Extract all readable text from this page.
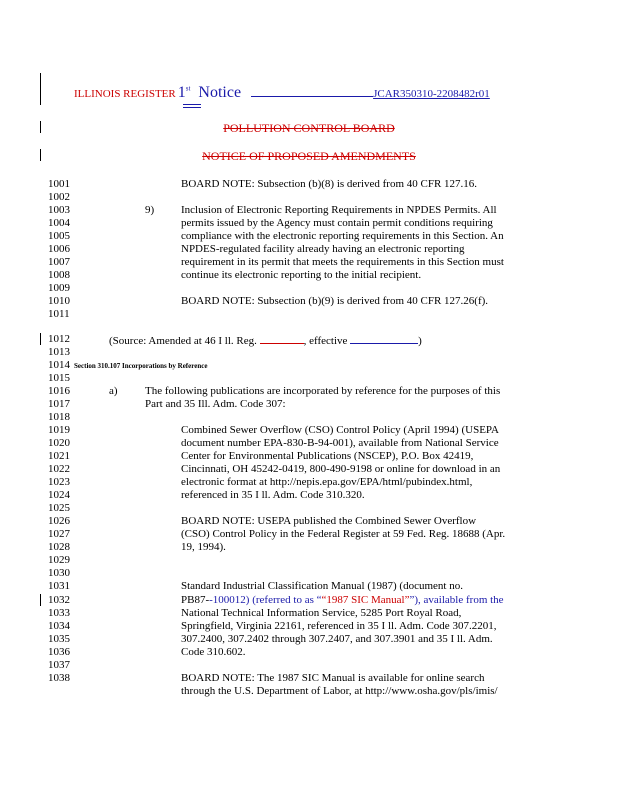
ILLINOIS REGISTER 1st Notice	JCAR350310-2208482r01
POLLUTION CONTROL BOARD
NOTICE OF PROPOSED AMENDMENTS
1001
1002
1003
1004
1005
1006
1007
1008
1009
1010
1011
1012
1013
1014
1015
1016
1017
1018
1019
1020
1021
1022
1023
1024
1025
1026
1027
1028
1029
1030
1031
1032
1033
1034
1035
1036
1037
1038
BOARD NOTE: Subsection (b)(8) is derived from 40 CFR 127.16.
9) Inclusion of Electronic Reporting Requirements in NPDES Permits. All
permits issued by the Agency must contain permit conditions requiring
compliance with the electronic reporting requirements in this Section. An
NPDES-regulated facility already having an electronic reporting
requirement in its permit that meets the requirements in this Section must
continue its electronic reporting to the initial recipient.
BOARD NOTE: Subsection (b)(9) is derived from 40 CFR 127.26(f).
(Source: Amended at 46 I ll. Reg.	, effective	)
Section 310.107 Incorporations by Reference
a) The following publications are incorporated by reference for the purposes of this
Part and 35 Ill. Adm. Code 307:
Combined Sewer Overflow (CSO) Control Policy (April 1994) (USEPA
document number EPA-830-B-94-001), available from National Service
Center for Environmental Publications (NSCEP), P.O. Box 42419,
Cincinnati, OH 45242-0419, 800-490-9198 or online for download in an
electronic format at http://nepis.epa.gov/EPA/html/pubindex.html,
referenced in 35 I ll. Adm. Code 310.320.
BOARD NOTE: USEPA published the Combined Sewer Overflow
(CSO) Control Policy in the Federal Register at 59 Fed. Reg. 18688 (Apr.
19, 1994).
Standard Industrial Classification Manual (1987) (document no.
PB87--100012) (referred to as ““1987 SIC Manual””), available from the
National Technical Information Service, 5285 Port Royal Road,
Springfield, Virginia 22161, referenced in 35 I ll. Adm. Code 307.2201,
307.2400, 307.2402 through 307.2407, and 307.3901 and 35 I ll. Adm.
Code 310.602.
BOARD NOTE: The 1987 SIC Manual is available for online search
through the U.S. Department of Labor, at http://www.osha.gov/pls/imis/
